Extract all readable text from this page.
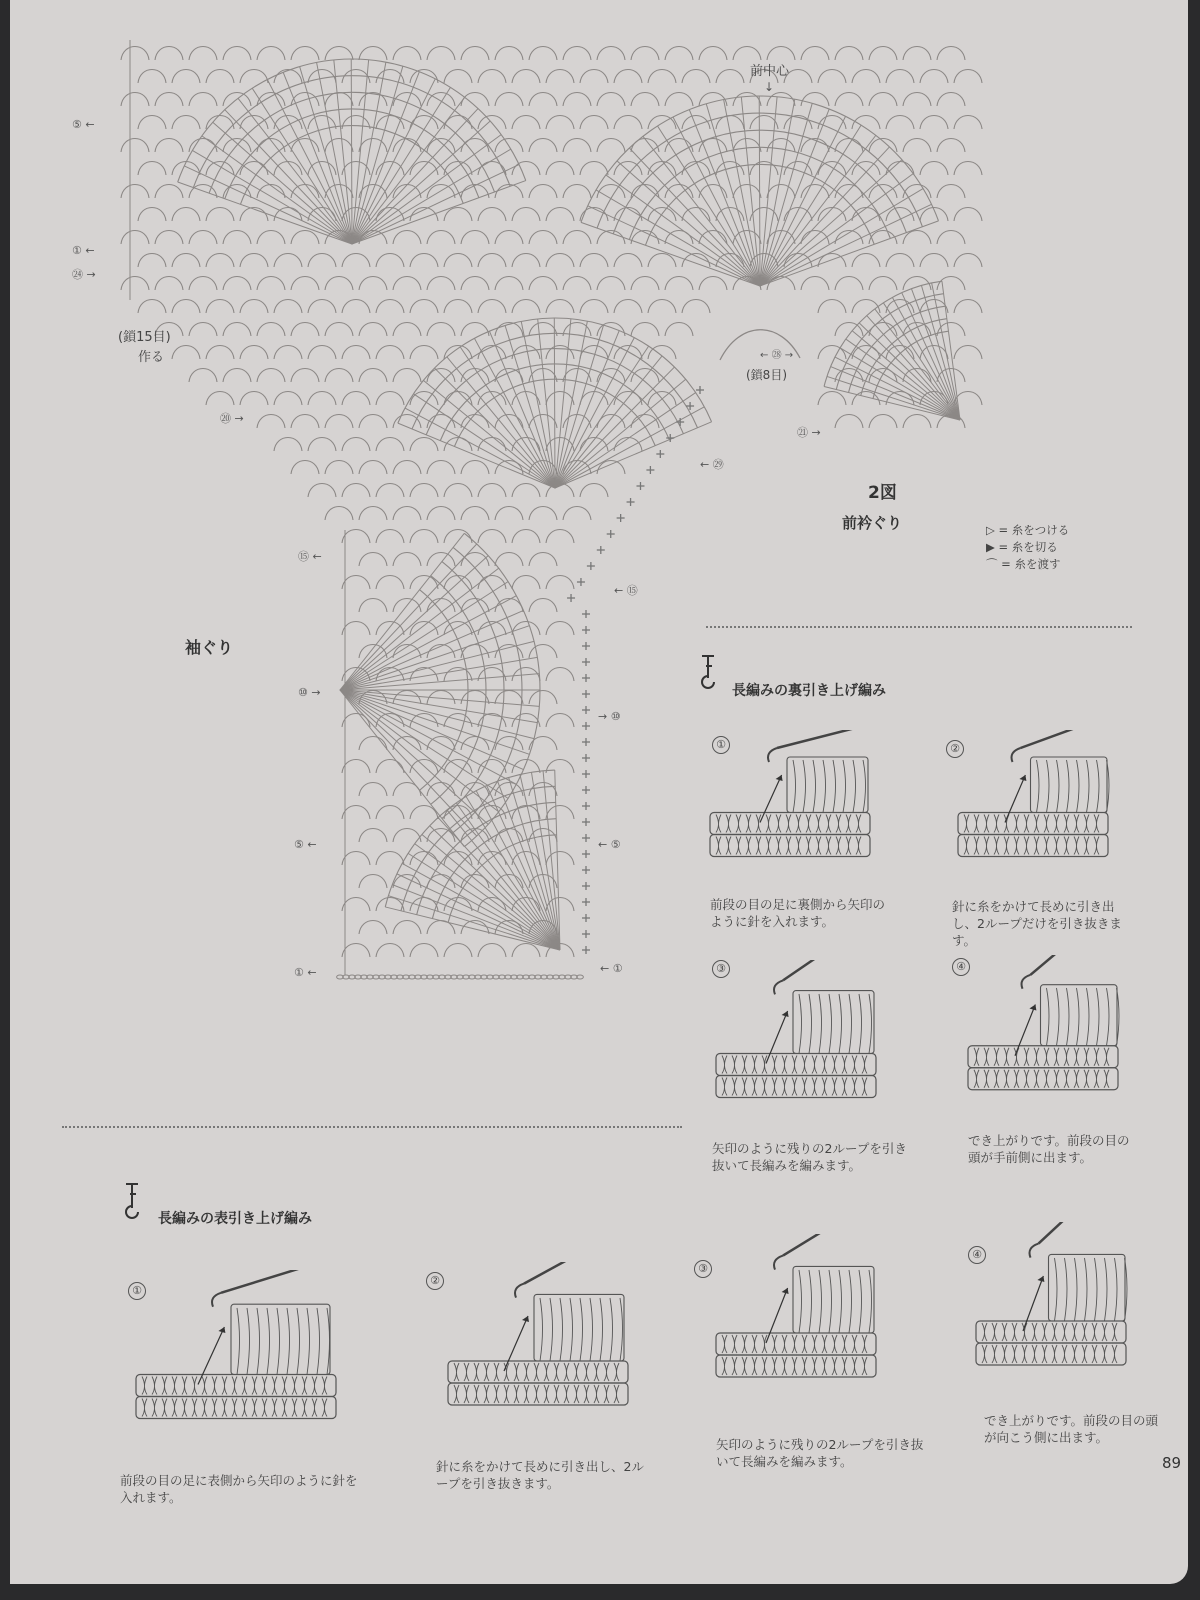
前中心
↓
(鎖15目)
作る
(鎖8目)
2図
前衿ぐり
袖ぐり
⑤ ←
① ←
㉔ →
⑳ →
㉑ →
← ㉘ →
← ㉙
⑮ ←
← ⑮
⑩ →
→ ⑩
⑤ ←	← ⑤
① ←	← ①
▷ = 糸をつける
▶ = 糸を切る
⌒ = 糸を渡す
長編みの裏引き上げ編み
①	②
③	④
前段の目の足に裏側から矢印のように針を入れます。
針に糸をかけて長めに引き出し、2ループだけを引き抜きます。
矢印のように残りの2ループを引き抜いて長編みを編みます。
でき上がりです。前段の目の頭が手前側に出ます。
長編みの表引き上げ編み
①
②
③
④
前段の目の足に表側から矢印のように針を入れます。
針に糸をかけて長めに引き出し、2ループを引き抜きます。
矢印のように残りの2ループを引き抜いて長編みを編みます。
でき上がりです。前段の目の頭が向こう側に出ます。
89
